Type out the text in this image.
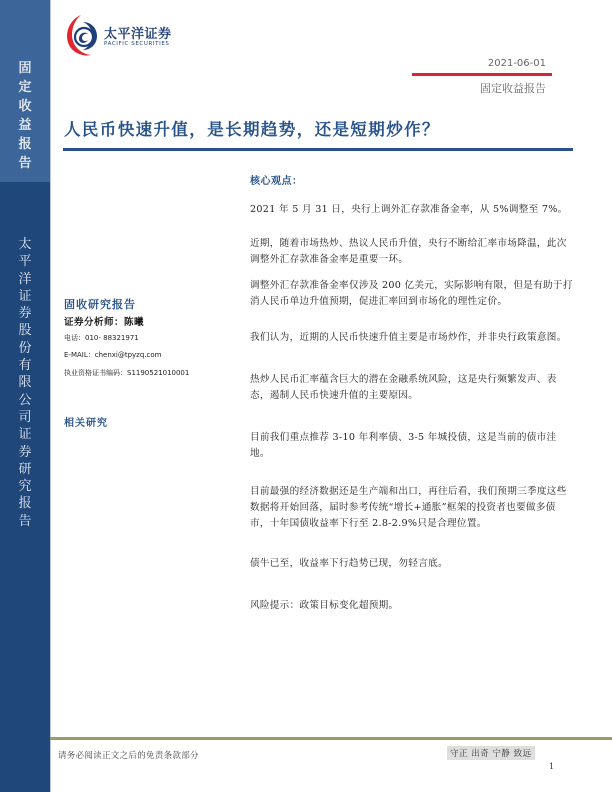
固
定
收
益
报
告
太
平
洋
证
券
股
份
有
限
公
司
证
券
研
究
报
告
太平洋证券
PACIFIC SECURITIES
2021-06-01
固定收益报告
人民币快速升值，是长期趋势，还是短期炒作？
固收研究报告
证券分析师：陈曦
电话：010- 88321971
E-MAIL：chenxi@tpyzq.com
执业资格证书编码：S1190521010001
相关研究
核心观点：
2021 年 5 月 31 日，央行上调外汇存款准备金率，从 5%调整至 7%。
近期，随着市场热炒、热议人民币升值，央行不断给汇率市场降温，此次调整外汇存款准备金率是重要一环。
调整外汇存款准备金率仅涉及 200 亿美元，实际影响有限，但是有助于打消人民币单边升值预期，促进汇率回到市场化的理性定价。
我们认为，近期的人民币快速升值主要是市场炒作，并非央行政策意图。
热炒人民币汇率蕴含巨大的潜在金融系统风险，这是央行频繁发声、表态，遏制人民币快速升值的主要原因。
目前我们重点推荐 3-10 年利率债、3-5 年城投债，这是当前的债市洼地。
目前最强的经济数据还是生产端和出口，再往后看，我们预期三季度这些数据将开始回落，届时参考传统“增长+通胀”框架的投资者也要做多债市，十年国债收益率下行至 2.8-2.9%只是合理位置。
债牛已至，收益率下行趋势已现，勿轻言底。
风险提示：政策目标变化超预期。
请务必阅读正文之后的免责条款部分	守正 出奇 宁静 致远
1
